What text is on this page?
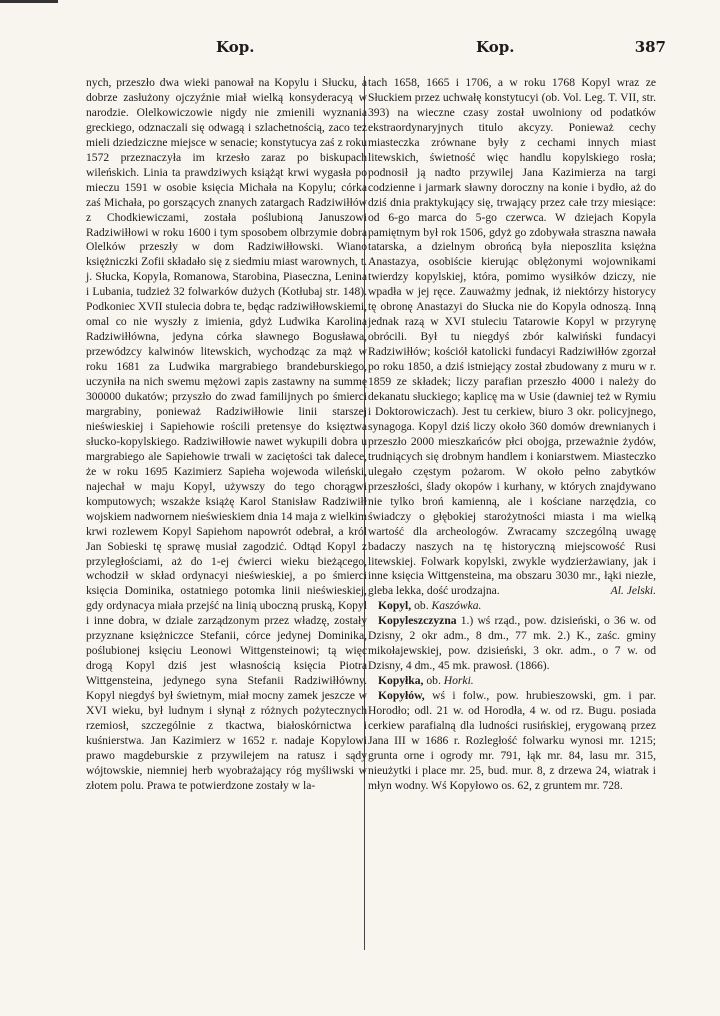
Kop.	Kop.	387

nych, przeszło dwa wieki panował na Kopylu i Słucku, a dobrze zasłużony ojczyźnie miał wielką konsyderacyą w narodzie. Olelkowiczowie nigdy nie zmienili wyznania greckiego, odznaczali się odwagą i szlachetnością, zaco też mieli dziedziczne miejsce w senacie; konstytucya zaś z roku 1572 przeznaczyła im krzesło zaraz po biskupach wileńskich. Linia ta prawdziwych książąt krwi wygasła po mieczu 1591 w osobie księcia Michała na Kopylu; córka zaś Michała, po gorszących znanych zatargach Radziwiłłów z Chodkiewiczami, została poślubioną Januszowi Radziwiłłowi w roku 1600 i tym sposobem olbrzymie dobra Olelków przeszły w dom Radziwiłłowski. Wiano księżniczki Zofii składało się z siedmiu miast warownych, t. j. Słucka, Kopyla, Romanowa, Starobina, Piaseczna, Lenina i Lubania, tudzież 32 folwarków dużych (Kotłubaj str. 148). Podkoniec XVII stulecia dobra te, będąc radziwiłłowskiemi, omal co nie wyszły z imienia, gdyż Ludwika Karolina Radziwiłłówna, jedyna córka sławnego Bogusława, przewódzcy kalwinów litewskich, wychodząc za mąż w roku 1681 za Ludwika margrabiego brandeburskiego, uczyniła na nich swemu mężowi zapis zastawny na summę 300000 dukatów; przyszło do zwad familijnych po śmierci margrabiny, ponieważ Radziwiłłowie linii starszej nieświeskiej i Sapiehowie rościli pretensye do księztwa słucko-kopylskiego. Radziwiłłowie nawet wykupili dobra u margrabiego ale Sapiehowie trwali w zaciętości tak dalece, że w roku 1695 Kazimierz Sapieha wojewoda wileński, najechał w maju Kopyl, używszy do tego chorągwi komputowych; wszakże książę Karol Stanisław Radziwiłł wojskiem nadwornem nieświeskiem dnia 14 maja z wielkim krwi rozlewem Kopyl Sapiehom napowrót odebrał, a król Jan Sobieski tę sprawę musiał zagodzić. Odtąd Kopyl z przyległościami, aż do 1-ej ćwierci wieku bieżącego, wchodził w skład ordynacyi nieświeskiej, a po śmierci księcia Dominika, ostatniego potomka linii nieświeskiej, gdy ordynacya miała przejść na linią uboczną pruską, Kopyl i inne dobra, w dziale zarządzonym przez władzę, zostały przyznane księżniczce Stefanii, córce jedynej Dominika, poślubionej księciu Leonowi Wittgensteinowi; tą więc drogą Kopyl dziś jest własnością księcia Piotra Wittgensteina, jedynego syna Stefanii Radziwiłłówny. Kopyl niegdyś był świetnym, miał mocny zamek jeszcze w XVI wieku, był ludnym i słynął z różnych pożytecznych rzemiosł, szczególnie z tkactwa, białoskórnictwa i kuśnierstwa. Jan Kazimierz w 1652 r. nadaje Kopylowi prawo magdeburskie z przywilejem na ratusz i sądy wójtowskie, niemniej herb wyobrażający róg myśliwski w złotem polu. Prawa te potwierdzone zostały w la-

tach 1658, 1665 i 1706, a w roku 1768 Kopyl wraz ze Słuckiem przez uchwałę konstytucyi (ob. Vol. Leg. T. VII, str. 393) na wieczne czasy został uwolniony od podatków ekstraordynaryjnych titulo akcyzy. Ponieważ cechy miasteczka zrównane były z cechami innych miast litewskich, świetność więc handlu kopylskiego rosła; podnosił ją nadto przywilej Jana Kazimierza na targi codzienne i jarmark sławny doroczny na konie i bydło, aż do dziś dnia praktykujący się, trwający przez całe trzy miesiące: od 6-go marca do 5-go czerwca. W dziejach Kopyla pamiętnym był rok 1506, gdyż go zdobywała straszna nawała tatarska, a dzielnym obrońcą była nieposzlita księżna Anastazya, osobiście kierując oblężonymi wojownikami twierdzy kopylskiej, która, pomimo wysiłków dziczy, nie wpadła w jej ręce. Zauważmy jednak, iż niektórzy historycy tę obronę Anastazyi do Słucka nie do Kopyla odnoszą. Inną jednak razą w XVI stuleciu Tatarowie Kopyl w przyrynę obrócili. Był tu niegdyś zbór kalwiński fundacyi Radziwiłłów; kościół katolicki fundacyi Radziwiłłów zgorzał po roku 1850, a dziś istniejący został zbudowany z muru w r. 1859 ze składek; liczy parafian przeszło 4000 i należy do dekanatu słuckiego; kaplicę ma w Usie (dawniej też w Rymiu i Doktorowiczach). Jest tu cerkiew, biuro 3 okr. policyjnego, synagoga. Kopyl dziś liczy około 360 domów drewnianych i przeszło 2000 mieszkańców płci obojga, przeważnie żydów, trudniących się drobnym handlem i koniarstwem. Miasteczko ulegało częstym pożarom. W około pełno zabytków przeszłości, ślady okopów i kurhany, w których znajdywano nie tylko broń kamienną, ale i kościane narzędzia, co świadczy o głębokiej starożytności miasta i ma wielką wartość dla archeologów. Zwracamy szczególną uwagę badaczy naszych na tę historyczną miejscowość Rusi litewskiej. Folwark kopylski, zwykle wydzierżawiany, jak i inne księcia Wittgensteina, ma obszaru 3030 mr., łąki niezłe, gleba lekka, dość urodzajna.	Al. Jelski.

Kopyl, ob. Kaszówka.

Kopyleszczyzna 1.) wś rząd., pow. dzisieński, o 36 w. od Dzisny, 2 okr adm., 8 dm., 77 mk. 2.) K., zaśc. gminy mikołajewskiej, pow. dzisieński, 3 okr. adm., o 7 w. od Dzisny, 4 dm., 45 mk. prawosł. (1866).

Kopyłka, ob. Horki.

Kopyłów, wś i folw., pow. hrubieszowski, gm. i par. Horodło; odl. 21 w. od Horodła, 4 w. od rz. Bugu. posiada cerkiew parafialną dla ludności rusińskiej, erygowaną przez Jana III w 1686 r. Rozległość folwarku wynosi mr. 1215; grunta orne i ogrody mr. 791, łąk mr. 84, lasu mr. 315, nieużytki i place mr. 25, bud. mur. 8, z drzewa 24, wiatrak i młyn wodny. Wś Kopyłowo os. 62, z gruntem mr. 728.
